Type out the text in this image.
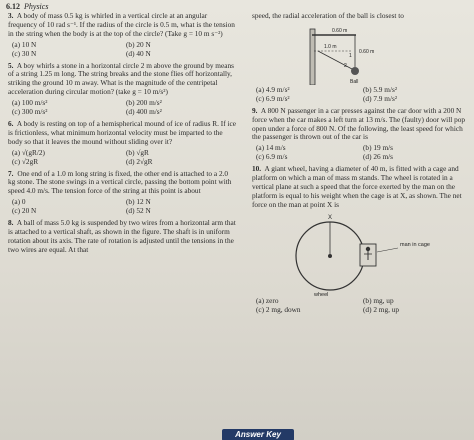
6.12 Physics
3. A body of mass 0.5 kg is whirled in a vertical circle at an angular frequency of 10 rad s⁻¹. If the radius of the circle is 0.5 m, what is the tension in the string when the body is at the top of the circle? (Take g = 10 m s⁻²)
(a) 10 N	(b) 20 N
(c) 30 N	(d) 40 N
5. A boy whirls a stone in a horizontal circle 2 m above the ground by means of a string 1.25 m long. The string breaks and the stone flies off horizontally, striking the ground 10 m away. What is the magnitude of the centripetal acceleration during circular motion? (take g = 10 m/s²)
(a) 100 m/s²	(b) 200 m/s²
(c) 300 m/s²	(d) 400 m/s²
6. A body is resting on top of a hemispherical mound of ice of radius R. If ice is frictionless, what minimum horizontal velocity must be imparted to the body so that it leaves the mound without sliding over it?
(a) √(gR/2)	(b) √gR
(c) √2gR	(d) 2√gR
7. One end of a 1.0 m long string is fixed, the other end is attached to a 2.0 kg stone. The stone swings in a vertical circle, passing the bottom point with speed 4.0 m/s. The tension force of the string at this point is about
(a) 0	(b) 12 N
(c) 20 N	(d) 52 N
8. A ball of mass 5.0 kg is suspended by two wires from a horizontal arm that is attached to a vertical shaft, as shown in the figure. The shaft is in uniform rotation about its axis. The rate of rotation is adjusted until the tensions in the two wires are equal. At that
speed, the radial acceleration of the ball is closest to
0.60 m
1.0 m
0.60 m
1
2
Ball
(a) 4.9 m/s²	(b) 5.9 m/s²
(c) 6.9 m/s²	(d) 7.9 m/s²
9. A 800 N passenger in a car presses against the car door with a 200 N force when the car makes a left turn at 13 m/s. The (faulty) door will pop open under a force of 800 N. Of the following, the least speed for which the passenger is thrown out of the car is
(a) 14 m/s	(b) 19 m/s
(c) 6.9 m/s	(d) 26 m/s
10. A giant wheel, having a diameter of 40 m, is fitted with a cage and platform on which a man of mass m stands. The wheel is rotated in a vertical plane at such a speed that the force exerted by the man on the platform is equal to his weight when the cage is at X, as shown. The net force on the man at point X is
X
man in cage
wheel
(a) zero	(b) mg, up
(c) 2 mg, down	(d) 2 mg, up
Answer Key
